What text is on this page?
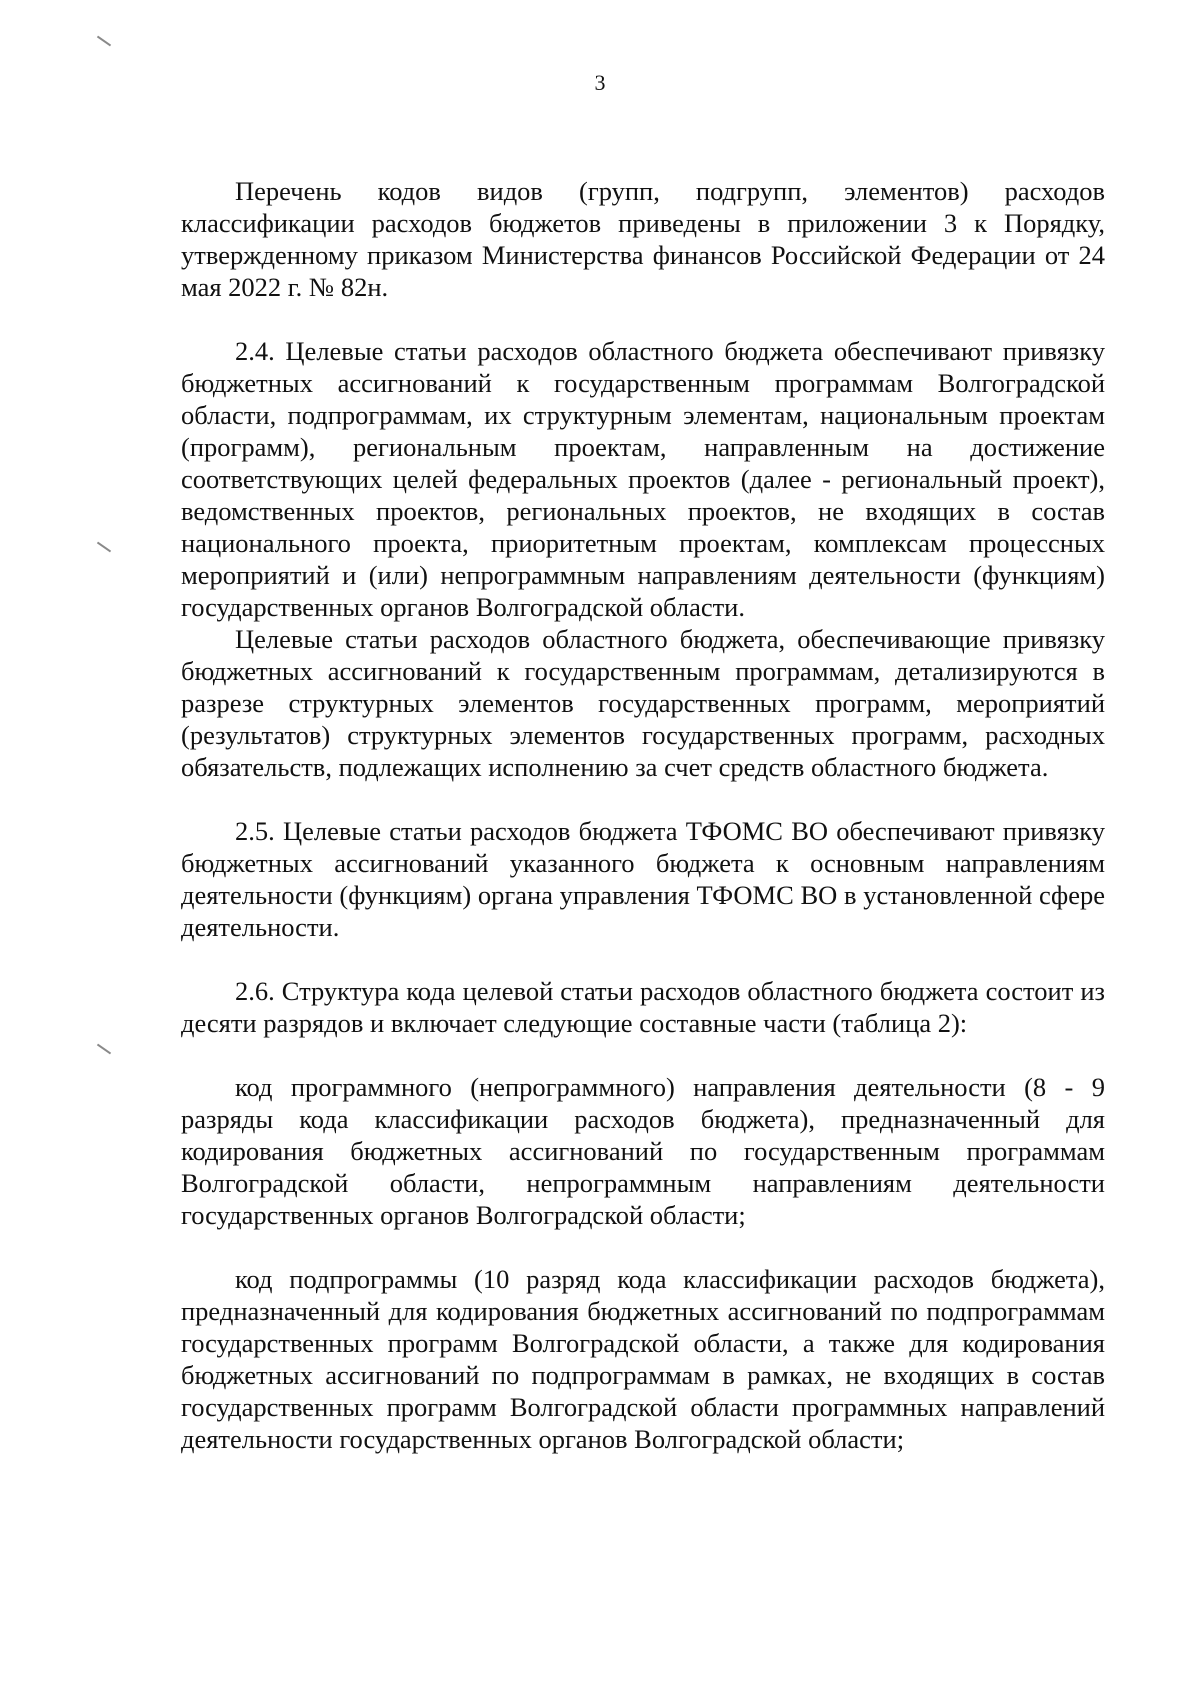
3

Перечень кодов видов (групп, подгрупп, элементов) расходов классификации расходов бюджетов приведены в приложении 3 к Порядку, утвержденному приказом Министерства финансов Российской Федерации от 24 мая 2022 г. № 82н.

2.4. Целевые статьи расходов областного бюджета обеспечивают привязку бюджетных ассигнований к государственным программам Волгоградской области, подпрограммам, их структурным элементам, национальным проектам (программ), региональным проектам, направленным на достижение соответствующих целей федеральных проектов (далее - региональный проект), ведомственных проектов, региональных проектов, не входящих в состав национального проекта, приоритетным проектам, комплексам процессных мероприятий и (или) непрограммным направлениям деятельности (функциям) государственных органов Волгоградской области.

Целевые статьи расходов областного бюджета, обеспечивающие привязку бюджетных ассигнований к государственным программам, детализируются в разрезе структурных элементов государственных программ, мероприятий (результатов) структурных элементов государственных программ, расходных обязательств, подлежащих исполнению за счет средств областного бюджета.

2.5. Целевые статьи расходов бюджета ТФОМС ВО обеспечивают привязку бюджетных ассигнований указанного бюджета к основным направлениям деятельности (функциям) органа управления ТФОМС ВО в установленной сфере деятельности.

2.6. Структура кода целевой статьи расходов областного бюджета состоит из десяти разрядов и включает следующие составные части (таблица 2):

код программного (непрограммного) направления деятельности (8 - 9 разряды кода классификации расходов бюджета), предназначенный для кодирования бюджетных ассигнований по государственным программам Волгоградской области, непрограммным направлениям деятельности государственных органов Волгоградской области;

код подпрограммы (10 разряд кода классификации расходов бюджета), предназначенный для кодирования бюджетных ассигнований по подпрограммам государственных программ Волгоградской области, а также для кодирования бюджетных ассигнований по подпрограммам в рамках, не входящих в состав государственных программ Волгоградской области программных направлений деятельности государственных органов Волгоградской области;
